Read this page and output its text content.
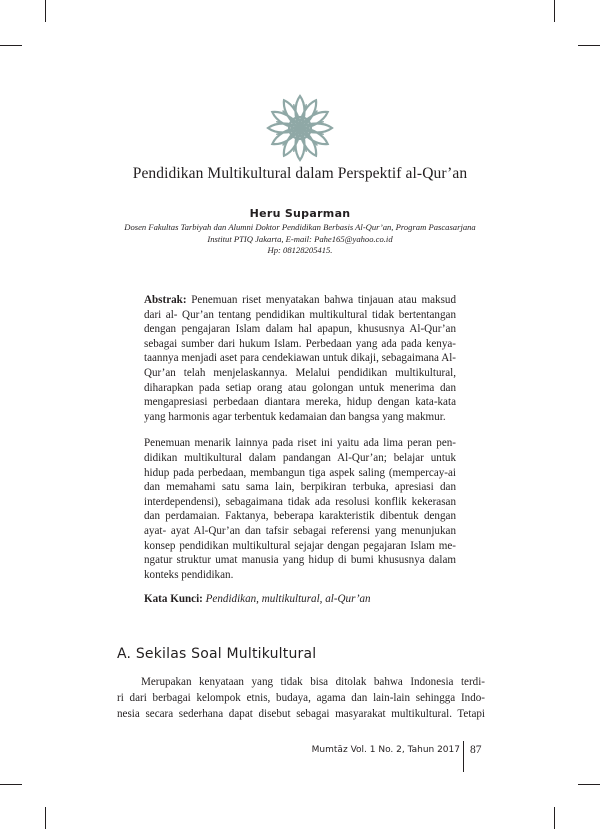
Pendidikan Multikultural dalam Perspektif al-Qur’an
Heru Suparman
Dosen Fakultas Tarbiyah dan Alumni Doktor Pendidikan Berbasis Al-Qur’an, Program Pascasarjana
Institut PTIQ Jakarta, E-mail: Pahe165@yahoo.co.id
Hp: 08128205415.

Abstrak: Penemuan riset menyatakan bahwa tinjauan atau maksud dari al- Qur’an tentang pendidikan multikultural tidak bertentangan dengan pengajaran Islam dalam hal apapun, khususnya Al-Qur’an sebagai sumber dari hukum Islam. Perbedaan yang ada pada kenya-taannya menjadi aset para cendekiawan untuk dikaji, sebagaimana Al-Qur’an telah menjelaskannya. Melalui pendidikan multikultural, diharapkan pada setiap orang atau golongan untuk menerima dan mengapresiasi perbedaan diantara mereka, hidup dengan kata-kata yang harmonis agar terbentuk kedamaian dan bangsa yang makmur.

Penemuan menarik lainnya pada riset ini yaitu ada lima peran pen-didikan multikultural dalam pandangan Al-Qur’an; belajar untuk hidup pada perbedaan, membangun tiga aspek saling (mempercay-ai dan memahami satu sama lain, berpikiran terbuka, apresiasi dan interdependensi), sebagaimana tidak ada resolusi konflik kekerasan dan perdamaian. Faktanya, beberapa karakteristik dibentuk dengan ayat- ayat Al-Qur’an dan tafsir sebagai referensi yang menunjukan konsep pendidikan multikultural sejajar dengan pegajaran Islam me-ngatur struktur umat manusia yang hidup di bumi khususnya dalam konteks pendidikan.

Kata Kunci: Pendidikan, multikultural, al-Qur’an

A. Sekilas Soal Multikultural
Merupakan kenyataan yang tidak bisa ditolak bahwa Indonesia terdi-
ri dari berbagai kelompok etnis, budaya, agama dan lain-lain sehingga Indo-
nesia secara sederhana dapat disebut sebagai masyarakat multikultural. Tetapi
Mumtāz Vol. 1 No. 2, Tahun 2017 87
